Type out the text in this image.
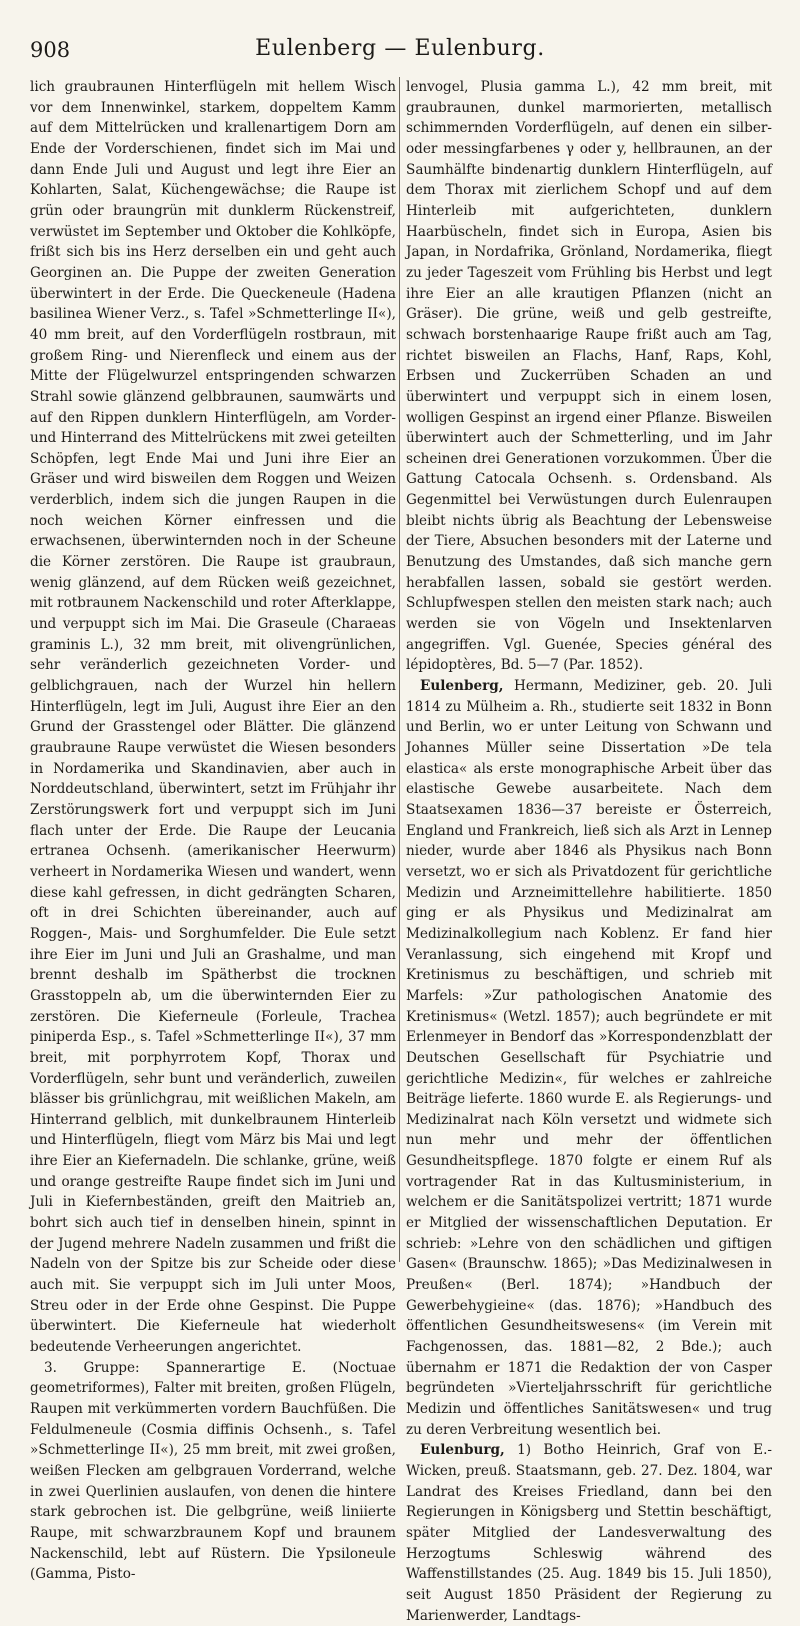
908	Eulenberg — Eulenburg.

lich graubraunen Hinterflügeln mit hellem Wisch vor dem Innenwinkel, starkem, doppeltem Kamm auf dem Mittelrücken und krallenartigem Dorn am Ende der Vorderschienen, findet sich im Mai und dann Ende Juli und August und legt ihre Eier an Kohlarten, Salat, Küchengewächse; die Raupe ist grün oder braungrün mit dunklerm Rückenstreif, verwüstet im September und Oktober die Kohlköpfe, frißt sich bis ins Herz derselben ein und geht auch Georginen an. Die Puppe der zweiten Generation überwintert in der Erde. Die Queckeneule (Hadena basilinea Wiener Verz., s. Tafel »Schmetterlinge II«), 40 mm breit, auf den Vorderflügeln rostbraun, mit großem Ring- und Nierenfleck und einem aus der Mitte der Flügelwurzel entspringenden schwarzen Strahl sowie glänzend gelbbraunen, saumwärts und auf den Rippen dunklern Hinterflügeln, am Vorder- und Hinterrand des Mittelrückens mit zwei geteilten Schöpfen, legt Ende Mai und Juni ihre Eier an Gräser und wird bisweilen dem Roggen und Weizen verderblich, indem sich die jungen Raupen in die noch weichen Körner einfressen und die erwachsenen, überwinternden noch in der Scheune die Körner zerstören. Die Raupe ist graubraun, wenig glänzend, auf dem Rücken weiß gezeichnet, mit rotbraunem Nackenschild und roter Afterklappe, und verpuppt sich im Mai. Die Graseule (Charaeas graminis L.), 32 mm breit, mit olivengrünlichen, sehr veränderlich gezeichneten Vorder- und gelblichgrauen, nach der Wurzel hin hellern Hinterflügeln, legt im Juli, August ihre Eier an den Grund der Grasstengel oder Blätter. Die glänzend graubraune Raupe verwüstet die Wiesen besonders in Nordamerika und Skandinavien, aber auch in Norddeutschland, überwintert, setzt im Frühjahr ihr Zerstörungswerk fort und verpuppt sich im Juni flach unter der Erde. Die Raupe der Leucania ertranea Ochsenh. (amerikanischer Heerwurm) verheert in Nordamerika Wiesen und wandert, wenn diese kahl gefressen, in dicht gedrängten Scharen, oft in drei Schichten übereinander, auch auf Roggen-, Mais- und Sorghumfelder. Die Eule setzt ihre Eier im Juni und Juli an Grashalme, und man brennt deshalb im Spätherbst die trocknen Grasstoppeln ab, um die überwinternden Eier zu zerstören. Die Kieferneule (Forleule, Trachea piniperda Esp., s. Tafel »Schmetterlinge II«), 37 mm breit, mit porphyrrotem Kopf, Thorax und Vorderflügeln, sehr bunt und veränderlich, zuweilen blässer bis grünlichgrau, mit weißlichen Makeln, am Hinterrand gelblich, mit dunkelbraunem Hinterleib und Hinterflügeln, fliegt vom März bis Mai und legt ihre Eier an Kiefernadeln. Die schlanke, grüne, weiß und orange gestreifte Raupe findet sich im Juni und Juli in Kiefernbeständen, greift den Maitrieb an, bohrt sich auch tief in denselben hinein, spinnt in der Jugend mehrere Nadeln zusammen und frißt die Nadeln von der Spitze bis zur Scheide oder diese auch mit. Sie verpuppt sich im Juli unter Moos, Streu oder in der Erde ohne Gespinst. Die Puppe überwintert. Die Kieferneule hat wiederholt bedeutende Verheerungen angerichtet.

3. Gruppe: Spannerartige E. (Noctuae geometriformes), Falter mit breiten, großen Flügeln, Raupen mit verkümmerten vordern Bauchfüßen. Die Feldulmeneule (Cosmia diffinis Ochsenh., s. Tafel »Schmetterlinge II«), 25 mm breit, mit zwei großen, weißen Flecken am gelbgrauen Vorderrand, welche in zwei Querlinien auslaufen, von denen die hintere stark gebrochen ist. Die gelbgrüne, weiß liniierte Raupe, mit schwarzbraunem Kopf und braunem Nackenschild, lebt auf Rüstern. Die Ypsiloneule (Gamma, Pisto-

lenvogel, Plusia gamma L.), 42 mm breit, mit graubraunen, dunkel marmorierten, metallisch schimmernden Vorderflügeln, auf denen ein silber- oder messingfarbenes γ oder y, hellbraunen, an der Saumhälfte bindenartig dunklern Hinterflügeln, auf dem Thorax mit zierlichem Schopf und auf dem Hinterleib mit aufgerichteten, dunklern Haarbüscheln, findet sich in Europa, Asien bis Japan, in Nordafrika, Grönland, Nordamerika, fliegt zu jeder Tageszeit vom Frühling bis Herbst und legt ihre Eier an alle krautigen Pflanzen (nicht an Gräser). Die grüne, weiß und gelb gestreifte, schwach borstenhaarige Raupe frißt auch am Tag, richtet bisweilen an Flachs, Hanf, Raps, Kohl, Erbsen und Zuckerrüben Schaden an und überwintert und verpuppt sich in einem losen, wolligen Gespinst an irgend einer Pflanze. Bisweilen überwintert auch der Schmetterling, und im Jahr scheinen drei Generationen vorzukommen. Über die Gattung Catocala Ochsenh. s. Ordensband. Als Gegenmittel bei Verwüstungen durch Eulenraupen bleibt nichts übrig als Beachtung der Lebensweise der Tiere, Absuchen besonders mit der Laterne und Benutzung des Umstandes, daß sich manche gern herabfallen lassen, sobald sie gestört werden. Schlupfwespen stellen den meisten stark nach; auch werden sie von Vögeln und Insektenlarven angegriffen. Vgl. Guenée, Species général des lépidoptères, Bd. 5—7 (Par. 1852).

Eulenberg, Hermann, Mediziner, geb. 20. Juli 1814 zu Mülheim a. Rh., studierte seit 1832 in Bonn und Berlin, wo er unter Leitung von Schwann und Johannes Müller seine Dissertation »De tela elastica« als erste monographische Arbeit über das elastische Gewebe ausarbeitete. Nach dem Staatsexamen 1836—37 bereiste er Österreich, England und Frankreich, ließ sich als Arzt in Lennep nieder, wurde aber 1846 als Physikus nach Bonn versetzt, wo er sich als Privatdozent für gerichtliche Medizin und Arzneimittellehre habilitierte. 1850 ging er als Physikus und Medizinalrat am Medizinalkollegium nach Koblenz. Er fand hier Veranlassung, sich eingehend mit Kropf und Kretinismus zu beschäftigen, und schrieb mit Marfels: »Zur pathologischen Anatomie des Kretinismus« (Wetzl. 1857); auch begründete er mit Erlenmeyer in Bendorf das »Korrespondenzblatt der Deutschen Gesellschaft für Psychiatrie und gerichtliche Medizin«, für welches er zahlreiche Beiträge lieferte. 1860 wurde E. als Regierungs- und Medizinalrat nach Köln versetzt und widmete sich nun mehr und mehr der öffentlichen Gesundheitspflege. 1870 folgte er einem Ruf als vortragender Rat in das Kultusministerium, in welchem er die Sanitätspolizei vertritt; 1871 wurde er Mitglied der wissenschaftlichen Deputation. Er schrieb: »Lehre von den schädlichen und giftigen Gasen« (Braunschw. 1865); »Das Medizinalwesen in Preußen« (Berl. 1874); »Handbuch der Gewerbehygieine« (das. 1876); »Handbuch des öffentlichen Gesundheitswesens« (im Verein mit Fachgenossen, das. 1881—82, 2 Bde.); auch übernahm er 1871 die Redaktion der von Casper begründeten »Vierteljahrsschrift für gerichtliche Medizin und öffentliches Sanitätswesen« und trug zu deren Verbreitung wesentlich bei.

Eulenburg, 1) Botho Heinrich, Graf von E.-Wicken, preuß. Staatsmann, geb. 27. Dez. 1804, war Landrat des Kreises Friedland, dann bei den Regierungen in Königsberg und Stettin beschäftigt, später Mitglied der Landesverwaltung des Herzogtums Schleswig während des Waffenstillstandes (25. Aug. 1849 bis 15. Juli 1850), seit August 1850 Präsident der Regierung zu Marienwerder, Landtags-
